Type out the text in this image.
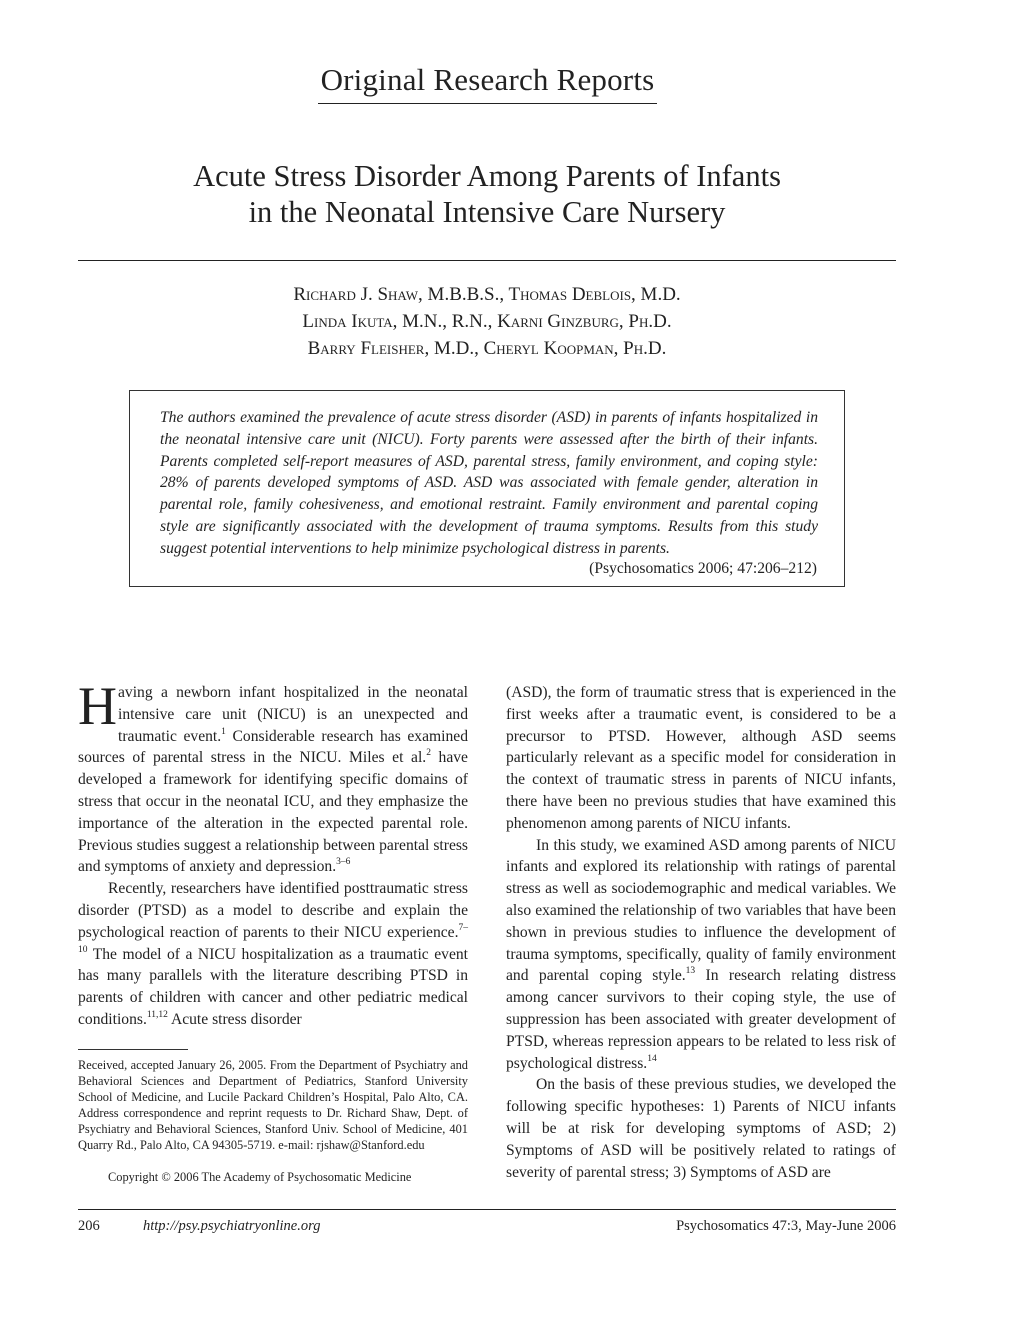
Original Research Reports
Acute Stress Disorder Among Parents of Infants
in the Neonatal Intensive Care Nursery
Richard J. Shaw, M.B.B.S., Thomas Deblois, M.D.
Linda Ikuta, M.N., R.N., Karni Ginzburg, Ph.D.
Barry Fleisher, M.D., Cheryl Koopman, Ph.D.

The authors examined the prevalence of acute stress disorder (ASD) in parents of infants hospitalized in the neonatal intensive care unit (NICU). Forty parents were assessed after the birth of their infants. Parents completed self-report measures of ASD, parental stress, family environment, and coping style: 28% of parents developed symptoms of ASD. ASD was associated with female gender, alteration in parental role, family cohesiveness, and emotional restraint. Family environment and parental coping style are significantly associated with the development of trauma symptoms. Results from this study suggest potential interventions to help minimize psychological distress in parents.

(Psychosomatics 2006; 47:206–212)

Having a newborn infant hospitalized in the neonatal intensive care unit (NICU) is an unexpected and traumatic event.$^1$ Considerable research has examined sources of parental stress in the NICU. Miles et al.$^2$ have developed a framework for identifying specific domains of stress that occur in the neonatal ICU, and they emphasize the importance of the alteration in the expected parental role. Previous studies suggest a relationship between parental stress and symptoms of anxiety and depression.$^{3-6}$

Recently, researchers have identified posttraumatic stress disorder (PTSD) as a model to describe and explain the psychological reaction of parents to their NICU experience.$^{7-10}$ The model of a NICU hospitalization as a traumatic event has many parallels with the literature describing PTSD in parents of children with cancer and other pediatric medical conditions.$^{11,12}$ Acute stress disorder

(ASD), the form of traumatic stress that is experienced in the first weeks after a traumatic event, is considered to be a precursor to PTSD. However, although ASD seems particularly relevant as a specific model for consideration in the context of traumatic stress in parents of NICU infants, there have been no previous studies that have examined this phenomenon among parents of NICU infants.

In this study, we examined ASD among parents of NICU infants and explored its relationship with ratings of parental stress as well as sociodemographic and medical variables. We also examined the relationship of two variables that have been shown in previous studies to influence the development of trauma symptoms, specifically, quality of family environment and parental coping style.$^{13}$ In research relating distress among cancer survivors to their coping style, the use of suppression has been associated with greater development of PTSD, whereas repression appears to be related to less risk of psychological distress.$^{14}$

On the basis of these previous studies, we developed the following specific hypotheses: 1) Parents of NICU infants will be at risk for developing symptoms of ASD; 2) Symptoms of ASD will be positively related to ratings of severity of parental stress; 3) Symptoms of ASD are

Received, accepted January 26, 2005. From the Department of Psychiatry and Behavioral Sciences and Department of Pediatrics, Stanford University School of Medicine, and Lucile Packard Children’s Hospital, Palo Alto, CA. Address correspondence and reprint requests to Dr. Richard Shaw, Dept. of Psychiatry and Behavioral Sciences, Stanford Univ. School of Medicine, 401 Quarry Rd., Palo Alto, CA 94305-5719. e-mail: rjshaw@Stanford.edu

Copyright © 2006 The Academy of Psychosomatic Medicine
206	http://psy.psychiatryonline.org	Psychosomatics 47:3, May-June 2006
